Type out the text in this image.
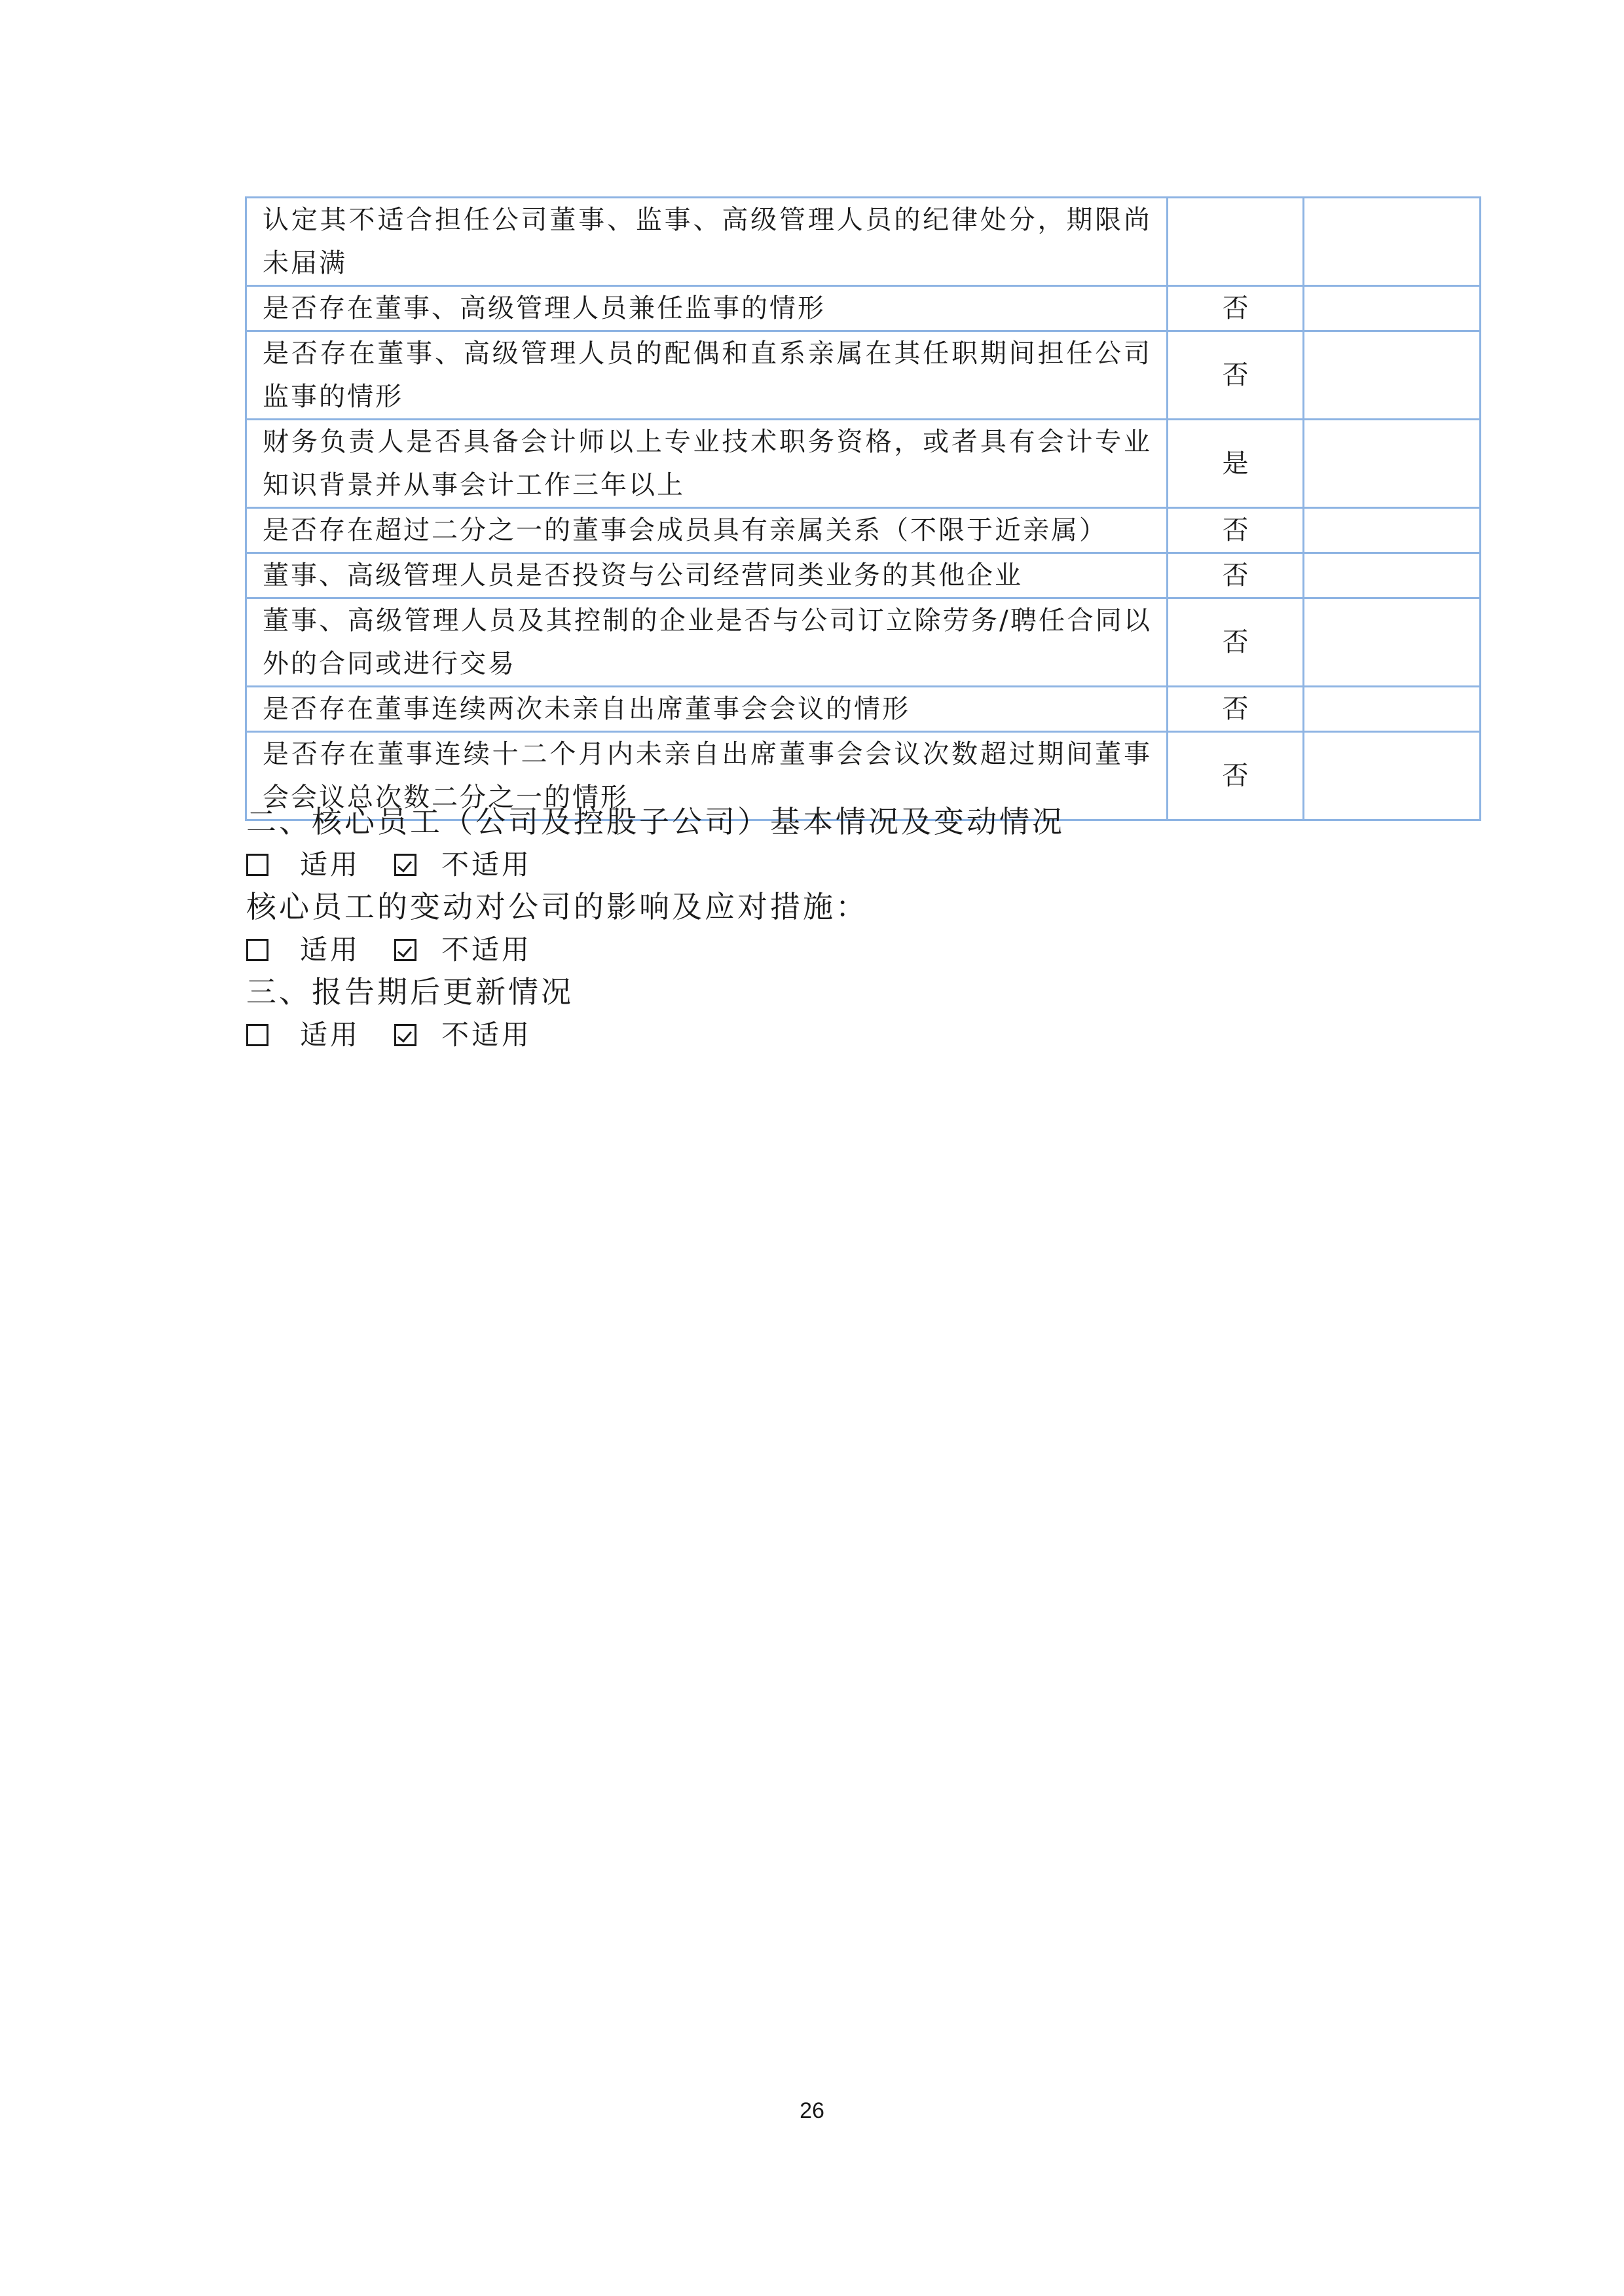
认定其不适合担任公司董事、监事、高级管理人员的纪律处分，期限尚未届满		
是否存在董事、高级管理人员兼任监事的情形	否	
是否存在董事、高级管理人员的配偶和直系亲属在其任职期间担任公司监事的情形	否	
财务负责人是否具备会计师以上专业技术职务资格，或者具有会计专业知识背景并从事会计工作三年以上	是	
是否存在超过二分之一的董事会成员具有亲属关系（不限于近亲属）	否	
董事、高级管理人员是否投资与公司经营同类业务的其他企业	否	
董事、高级管理人员及其控制的企业是否与公司订立除劳务/聘任合同以外的合同或进行交易	否	
是否存在董事连续两次未亲自出席董事会会议的情形	否	
是否存在董事连续十二个月内未亲自出席董事会会议次数超过期间董事会会议总次数二分之一的情形	否	
二、核心员工（公司及控股子公司）基本情况及变动情况
适用	不适用
核心员工的变动对公司的影响及应对措施：
适用	不适用
三、报告期后更新情况
适用	不适用
26
